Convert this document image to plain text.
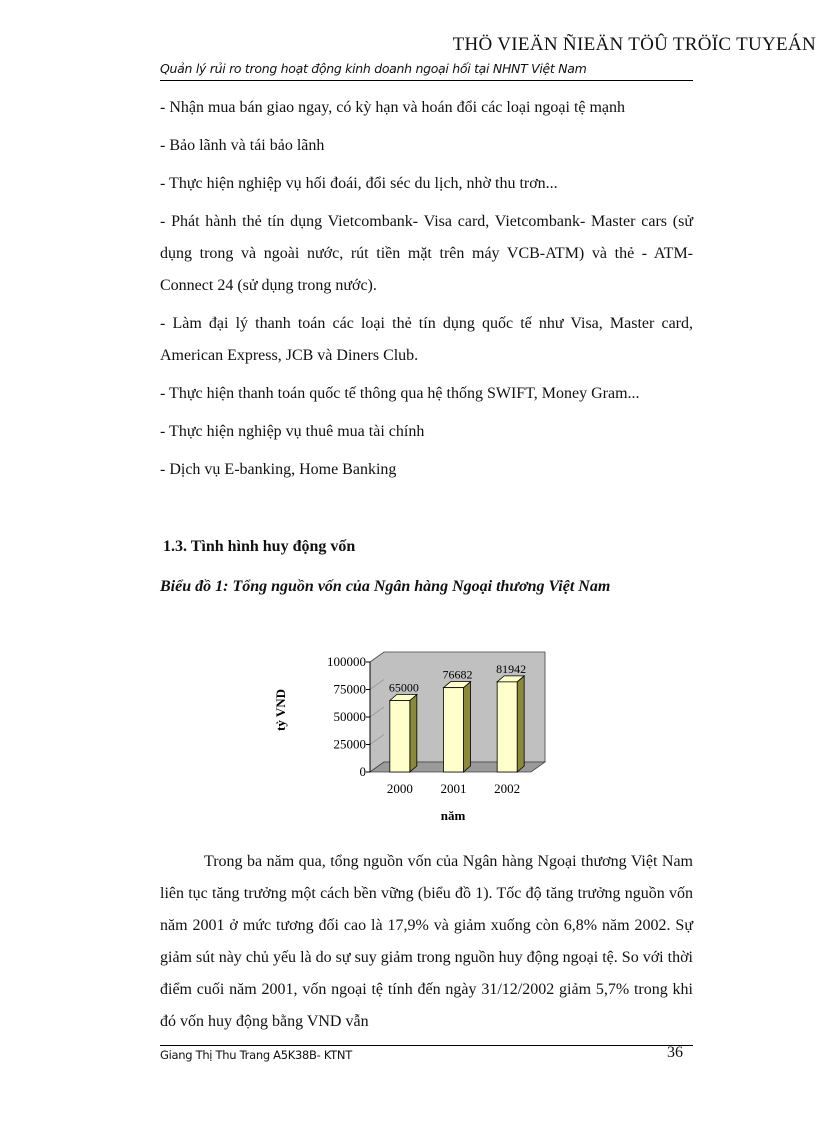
THÖ VIEÄN ÑIEÄN TÖÛ TRÖÏC TUYEÁN
Quản lý rủi ro trong hoạt động kinh doanh ngoại hối tại NHNT Việt Nam

- Nhận mua bán giao ngay, có kỳ hạn và hoán đổi các loại ngoại tệ mạnh

- Bảo lãnh và tái bảo lãnh

- Thực hiện nghiệp vụ hối đoái, đổi séc du lịch, nhờ thu trơn...

- Phát hành thẻ tín dụng Vietcombank- Visa card, Vietcombank- Master cars (sử dụng trong và ngoài nước, rút tiền mặt trên máy VCB-ATM) và thẻ - ATM-Connect 24 (sử dụng trong nước).

- Làm đại lý thanh toán các loại thẻ tín dụng quốc tế như Visa, Master card, American Express, JCB và Diners Club.

- Thực hiện thanh toán quốc tế thông qua hệ thống SWIFT, Money Gram...

- Thực hiện nghiệp vụ thuê mua tài chính

- Dịch vụ E-banking, Home Banking

1.3. Tình hình huy động vốn
Biểu đồ 1: Tổng nguồn vốn của Ngân hàng Ngoại thương Việt Nam
65000
76682 81942
100000
75000
50000
25000
0
2000 2001 2002
tỷ VND
năm

Trong ba năm qua, tổng nguồn vốn của Ngân hàng Ngoại thương Việt Nam liên tục tăng trưởng một cách bền vững (biểu đồ 1). Tốc độ tăng trưởng nguồn vốn năm 2001 ở mức tương đối cao là 17,9% và giảm xuống còn 6,8% năm 2002. Sự giảm sút này chủ yếu là do sự suy giảm trong nguồn huy động ngoại tệ. So với thời điểm cuối năm 2001, vốn ngoại tệ tính đến ngày 31/12/2002 giảm 5,7% trong khi đó vốn huy động bằng VND vẫn

Giang Thị Thu Trang A5K38B- KTNT	36
